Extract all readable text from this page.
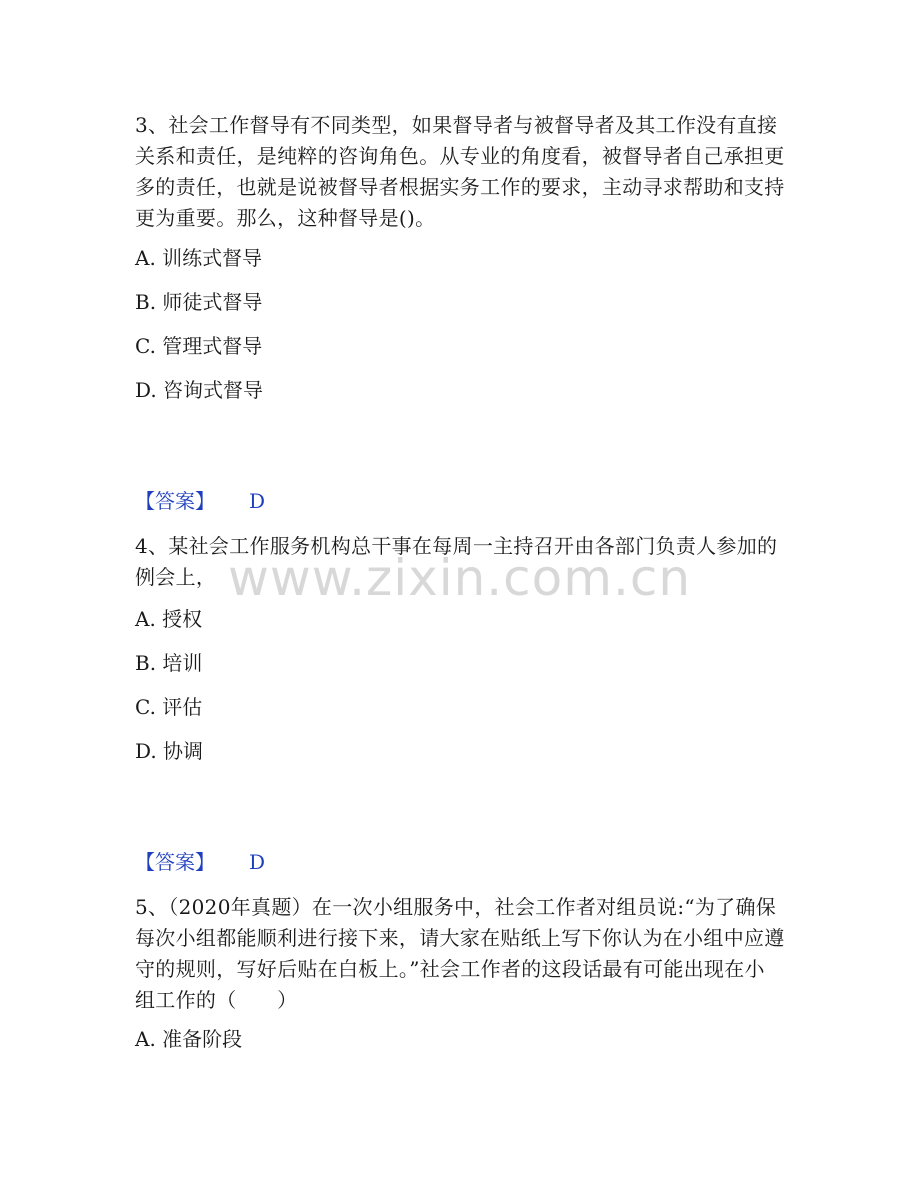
www.zixin.com.cn

3、社会工作督导有不同类型，如果督导者与被督导者及其工作没有直接关系和责任，是纯粹的咨询角色。从专业的角度看，被督导者自己承担更多的责任，也就是说被督导者根据实务工作的要求，主动寻求帮助和支持更为重要。那么，这种督导是()。

A. 训练式督导

B. 师徒式督导

C. 管理式督导

D. 咨询式督导

【答案】 D

4、某社会工作服务机构总干事在每周一主持召开由各部门负责人参加的例会上，

A. 授权

B. 培训

C. 评估

D. 协调

【答案】 D

5、（2020年真题）在一次小组服务中，社会工作者对组员说:“为了确保每次小组都能顺利进行接下来，请大家在贴纸上写下你认为在小组中应遵守的规则，写好后贴在白板上。”社会工作者的这段话最有可能出现在小组工作的（　　）

A. 准备阶段
